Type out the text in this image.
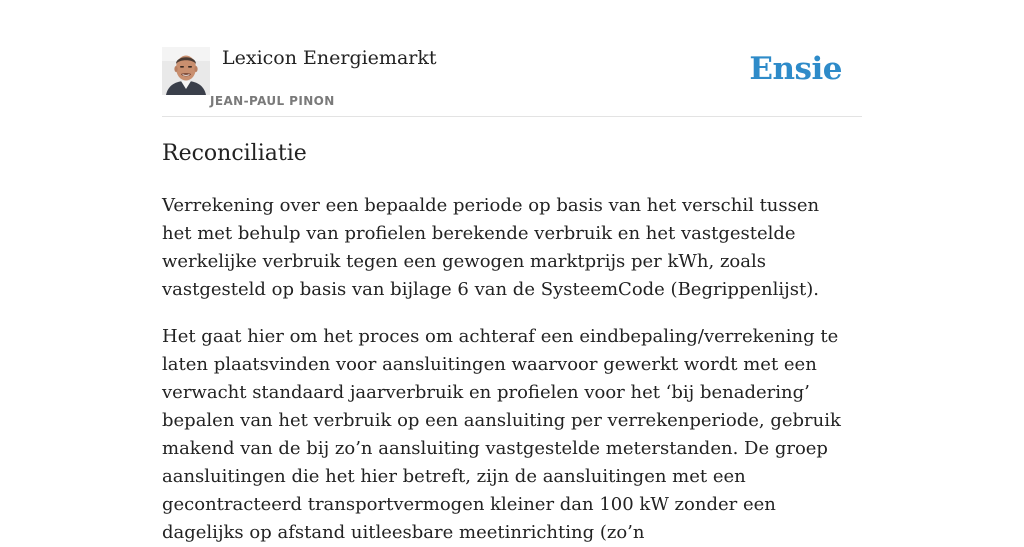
Lexicon Energiemarkt
JEAN-PAUL PINON
Ensie
Reconciliatie

Verrekening over een bepaalde periode op basis van het verschil tussen het met behulp van profielen berekende verbruik en het vastgestelde werkelijke verbruik tegen een gewogen marktprijs per kWh, zoals vastgesteld op basis van bijlage 6 van de SysteemCode (Begrippenlijst).

Het gaat hier om het proces om achteraf een eindbepaling/verrekening te laten plaatsvinden voor aansluitingen waarvoor gewerkt wordt met een verwacht standaard jaarverbruik en profielen voor het ‘bij benadering’ bepalen van het verbruik op een aansluiting per verrekenperiode, gebruik makend van de bij zo’n aansluiting vastgestelde meterstanden. De groep aansluitingen die het hier betreft, zijn de aansluitingen met een gecontracteerd transportvermogen kleiner dan 100 kW zonder een dagelijks op afstand uitleesbare meetinrichting (zo’n
